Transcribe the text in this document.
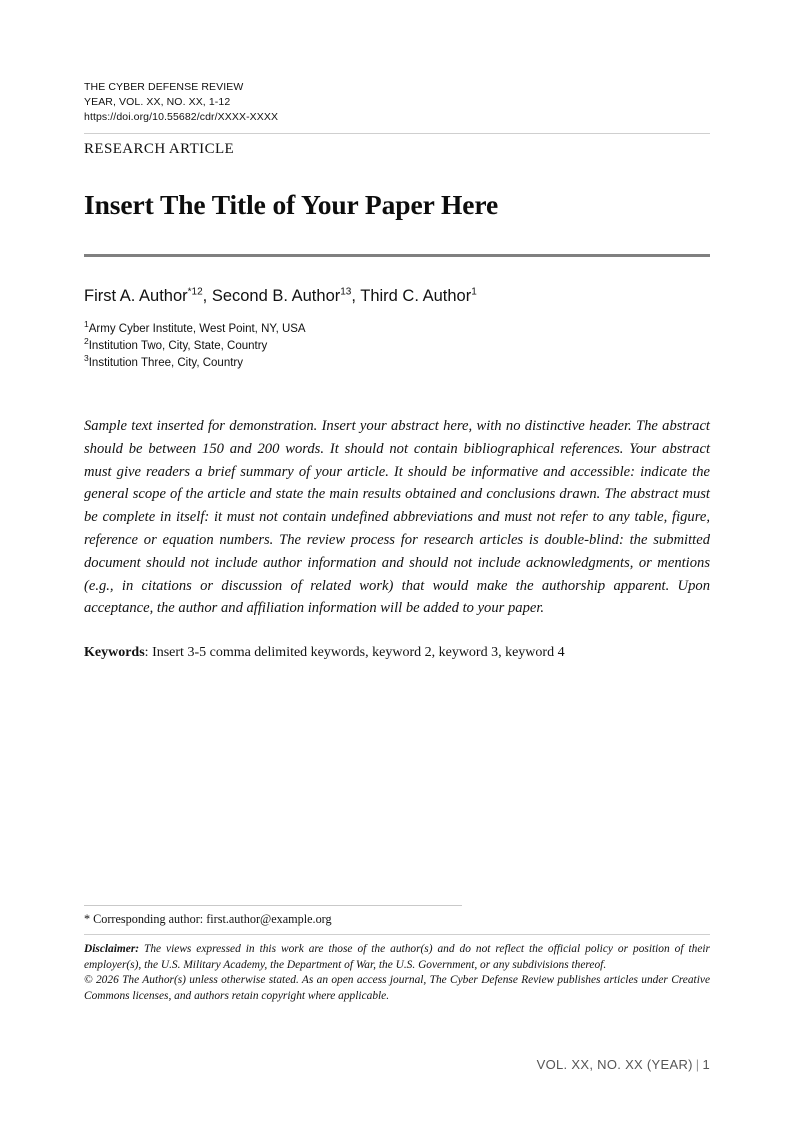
THE CYBER DEFENSE REVIEW
YEAR, VOL. XX, NO. XX, 1-12
https://doi.org/10.55682/cdr/XXXX-XXXX
RESEARCH ARTICLE
Insert The Title of Your Paper Here
First A. Author$^{*12}$, Second B. Author$^{13}$, Third C. Author$^1$
$^1$Army Cyber Institute, West Point, NY, USA
$^2$Institution Two, City, State, Country
$^3$Institution Three, City, Country

Sample text inserted for demonstration. Insert your abstract here, with no distinctive header. The abstract should be between 150 and 200 words. It should not contain bibliographical references. Your abstract must give readers a brief summary of your article. It should be informative and accessible: indicate the general scope of the article and state the main results obtained and conclusions drawn. The abstract must be complete in itself: it must not contain undefined abbreviations and must not refer to any table, figure, reference or equation numbers. The review process for research articles is double-blind: the submitted document should not include author information and should not include acknowledgments, or mentions (e.g., in citations or discussion of related work) that would make the authorship apparent. Upon acceptance, the author and affiliation information will be added to your paper.

Keywords: Insert 3-5 comma delimited keywords, keyword 2, keyword 3, keyword 4

* Corresponding author: first.author@example.org
Disclaimer: The views expressed in this work are those of the author(s) and do not reflect the official policy or position of their employer(s), the U.S. Military Academy, the Department of War, the U.S. Government, or any subdivisions thereof.
© 2026 The Author(s) unless otherwise stated. As an open access journal, The Cyber Defense Review publishes articles under Creative Commons licenses, and authors retain copyright where applicable.
VOL. XX, NO. XX (YEAR) | 1
